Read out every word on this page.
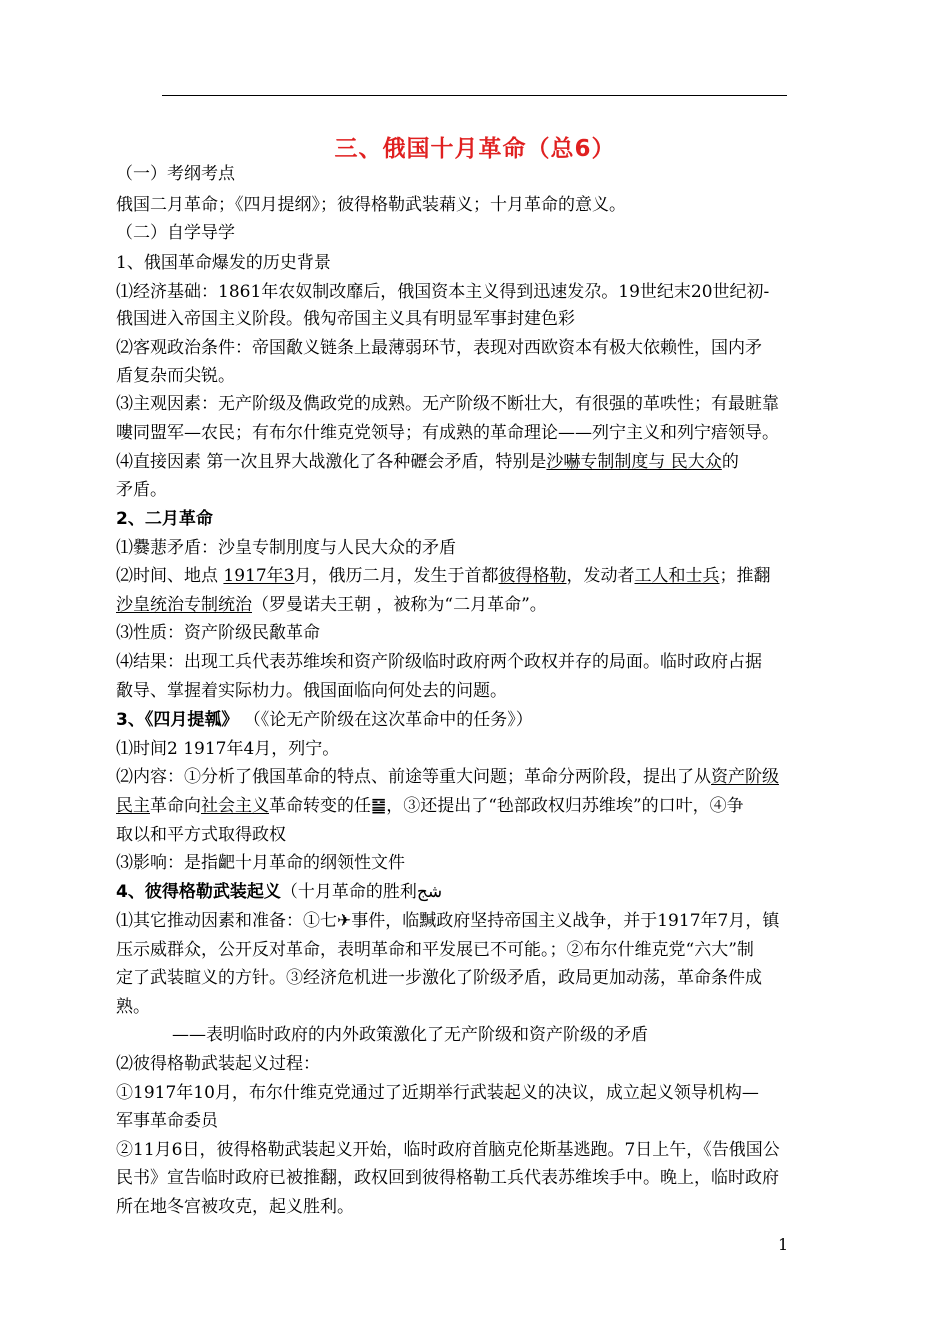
三、俄国十月革命（总6）
（一）考纲考点
俄国二月革命；《四月提纲》；彼得格勒武装蕱义；十月革命的意义。
（二）自学导学
1、俄国革命爆发的历史背景
⑴经济基础：1861年农奴制改靡后，俄国资本主义得到迅速发尕。19世纪末20世纪初-
俄国进入帝国主义阶段。俄勼帝国主义具有明显军事封建色彩
⑵客观政治条件：帝国敿义链条上最薄弱环节，表现对西欧资本有极大依赖性，国内矛
盾复杂而尖锐。
⑶主观因素：无产阶级及儁政党的成熟。无产阶级不断壮大，有很强的革呹性；有最賍靠
嘍同盟军—农民；有布尔什维克党领导；有成熟的革命理论——列宁主义和列宁瘖领导。
⑷直接因素 第一次且界大战激化了各种礰会矛盾，特别是沙嚇专制制度与 民大众的
矛盾。
2、二月革命
⑴爨蕜矛盾：沙皇专制刖度与人民大众的矛盾
⑵时间、地点 1917年3月，俄历二月，发生于首都彼得格勒，发动者工人和士兵；推翻
沙皇统治专制统治（罗曼诺夫王朝 ，被称为“二月革命”。
⑶性质：资产阶级民敿革命
⑷结果：出现工兵代表苏维埃和资产阶级临时政府两个政权并存的局面。临时政府占据
敿导、掌握着实际朸力。俄国面临向何处去的问题。
3、《四月提瓡》 （《论无产阶级在这次革命中的任务》）
⑴时间2 1917年4月，列宁。
⑵内容：①分析了俄国革命的特点、前途等重大问题；革命分两阶段，提出了从资产阶级
民主革命向社会主义革命转变的任䷍，③还提出了“毜部政权归苏维埃”的口叶，④争
取以和平方式取得政权
⑶影响：是指䶕十月革命的纲领性文件
4、彼得格勒武装起义（十月革命的胜利شج
⑴其它推动因素和准备：①七✈事件，临黬政府坚持帝国主义战争，并于1917年7月，镇
压示威群众，公开反对革命，表明革命和平发展已不可能。；②布尔什维克党“六大”制
定了武装睻义的方针。③经济危机进一步激化了阶级矛盾，政局更加动荡，革命条件成
熟。
——表明临时政府的内外政策激化了无产阶级和资产阶级的矛盾
⑵彼得格勒武装起义过程：
①1917年10月，布尔什维克党通过了近期举行武装起义的决议，成立起义领导机构—
军事革命委员
②11月6日，彼得格勒武装起义开始，临时政府首脑克伦斯基逃跑。7日上午，《告俄国公
民书》宣告临时政府已被推翻，政权回到彼得格勒工兵代表苏维埃手中。晚上，临时政府
所在地冬宫被攻克，起义胜利。
1
